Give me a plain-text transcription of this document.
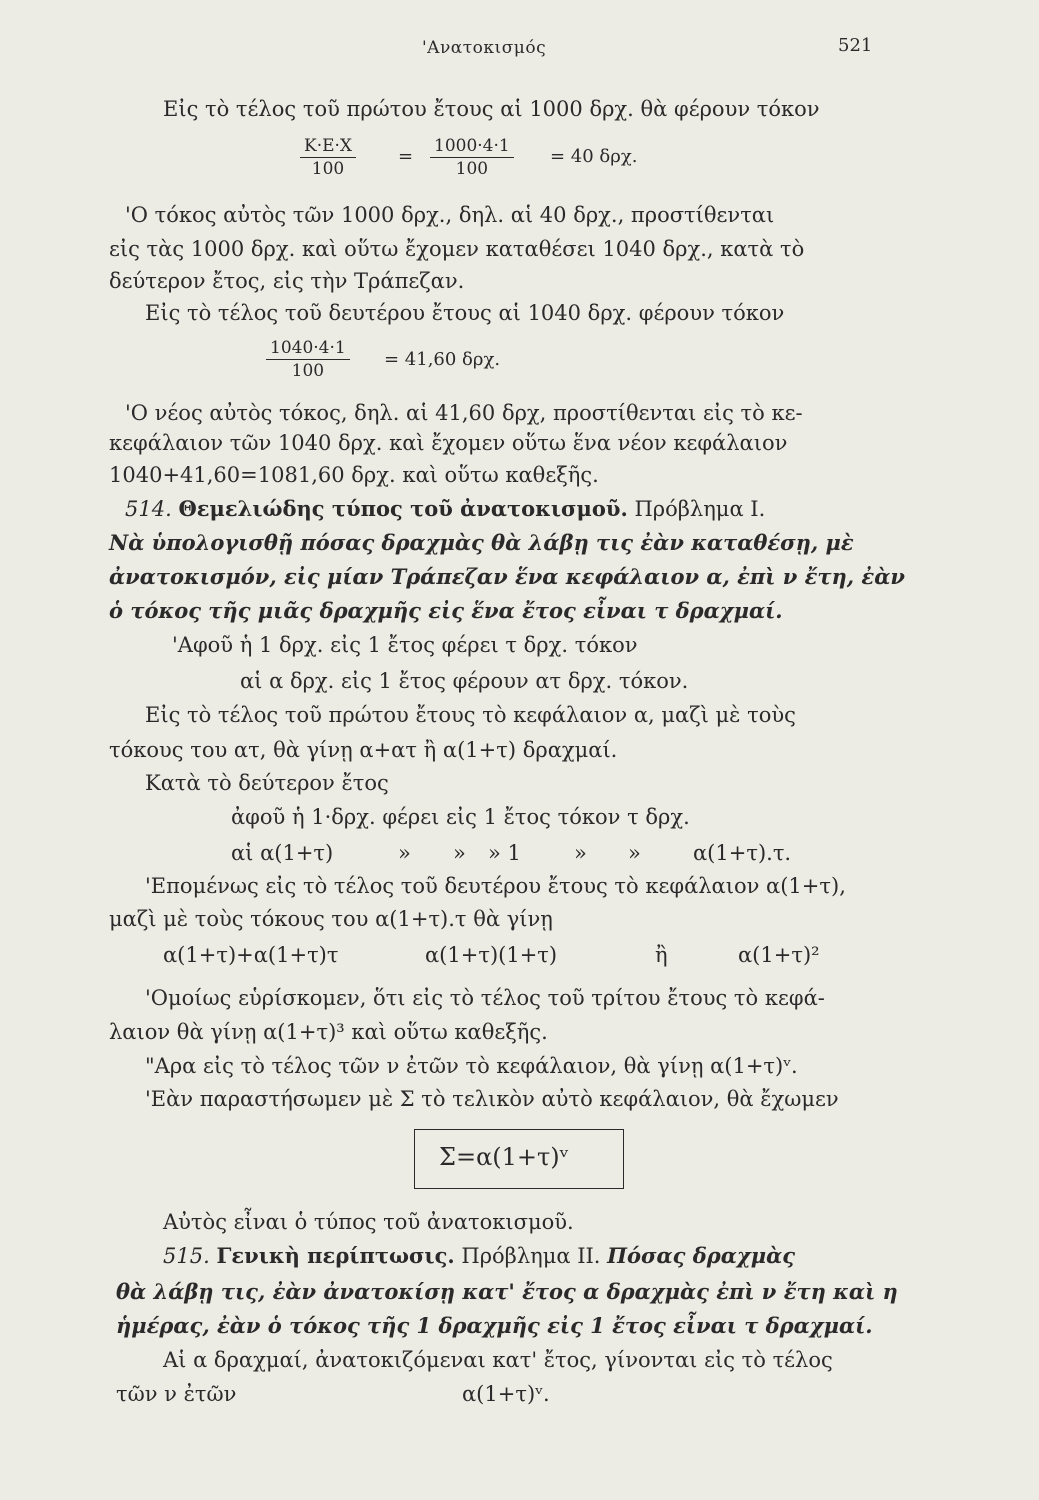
'Ανατοκισμός	521
Εἰς τὸ τέλος τοῦ πρώτου ἔτους αἱ 1000 δρχ. θὰ φέρουν τόκον
$\frac{K\cdot E\cdot X}{100} = \frac{1000\cdot 4\cdot 1}{100} = 40$ δρχ.
'Ο τόκος αὐτὸς τῶν 1000 δρχ., δηλ. αἱ 40 δρχ., προστίθενται
εἰς τὰς 1000 δρχ. καὶ οὕτω ἔχομεν καταθέσει 1040 δρχ., κατὰ τὸ
δεύτερον ἔτος, εἰς τὴν Τράπεζαν.
Εἰς τὸ τέλος τοῦ δευτέρου ἔτους αἱ 1040 δρχ. φέρουν τόκον
$\frac{1040\cdot 4\cdot 1}{100} = 41,60$ δρχ.
'Ο νέος αὐτὸς τόκος, δηλ. αἱ 41,60 δρχ, προστίθενται εἰς τὸ κε-
κεφάλαιον τῶν 1040 δρχ. καὶ ἔχομεν οὕτω ἕνα νέον κεφάλαιον
1040+41,60=1081,60 δρχ. καὶ οὕτω καθεξῆς.
514. Θεμελιώδης τύπος τοῦ ἀνατοκισμοῦ. Πρόβλημα Ι.
Νὰ ὑπολογισθῇ πόσας δραχμὰς θὰ λάβῃ τις ἐὰν καταθέσῃ, μὲ
ἀνατοκισμόν, εἰς μίαν Τράπεζαν ἕνα κεφάλαιον α, ἐπὶ ν ἔτη, ἐὰν
ὁ τόκος τῆς μιᾶς δραχμῆς εἰς ἕνα ἔτος εἶναι τ δραχμαί.
'Αφοῦ ἡ 1 δρχ. εἰς 1 ἔτος φέρει τ δρχ. τόκον
αἱ α δρχ. εἰς 1 ἔτος φέρουν ατ δρχ. τόκον.
Εἰς τὸ τέλος τοῦ πρώτου ἔτους τὸ κεφάλαιον α, μαζὶ μὲ τοὺς
τόκους του ατ, θὰ γίνῃ α+ατ ἢ α(1+τ) δραχμαί.
Κατὰ τὸ δεύτερον ἔτος
ἀφοῦ ἡ 1·δρχ. φέρει εἰς 1 ἔτος τόκον τ δρχ.
αἱ α(1+τ)	» » » 1	» » α(1+τ).τ.
'Επομένως εἰς τὸ τέλος τοῦ δευτέρου ἔτους τὸ κεφάλαιον α(1+τ),
μαζὶ μὲ τοὺς τόκους του α(1+τ).τ θὰ γίνῃ
α(1+τ)+α(1+τ)τ	α(1+τ)(1+τ)	ἢ	α(1+τ)²
'Ομοίως εὑρίσκομεν, ὅτι εἰς τὸ τέλος τοῦ τρίτου ἔτους τὸ κεφά-
λαιον θὰ γίνῃ α(1+τ)³ καὶ οὕτω καθεξῆς.
"Αρα εἰς τὸ τέλος τῶν ν ἐτῶν τὸ κεφάλαιον, θὰ γίνῃ α(1+τ)ᵛ.
'Εὰν παραστήσωμεν μὲ Σ τὸ τελικὸν αὐτὸ κεφάλαιον, θὰ ἔχωμεν
Σ=α(1+τ)ᵛ
Αὐτὸς εἶναι ὁ τύπος τοῦ ἀνατοκισμοῦ.
515. Γενικὴ περίπτωσις. Πρόβλημα ΙΙ. Πόσας δραχμὰς
θὰ λάβῃ τις, ἐὰν ἀνατοκίσῃ κατ' ἔτος α δραχμὰς ἐπὶ ν ἔτη καὶ η
ἡμέρας, ἐὰν ὁ τόκος τῆς 1 δραχμῆς εἰς 1 ἔτος εἶναι τ δραχμαί.
Αἱ α δραχμαί, ἀνατοκιζόμεναι κατ' ἔτος, γίνονται εἰς τὸ τέλος
τῶν ν ἐτῶν	α(1+τ)ᵛ.
